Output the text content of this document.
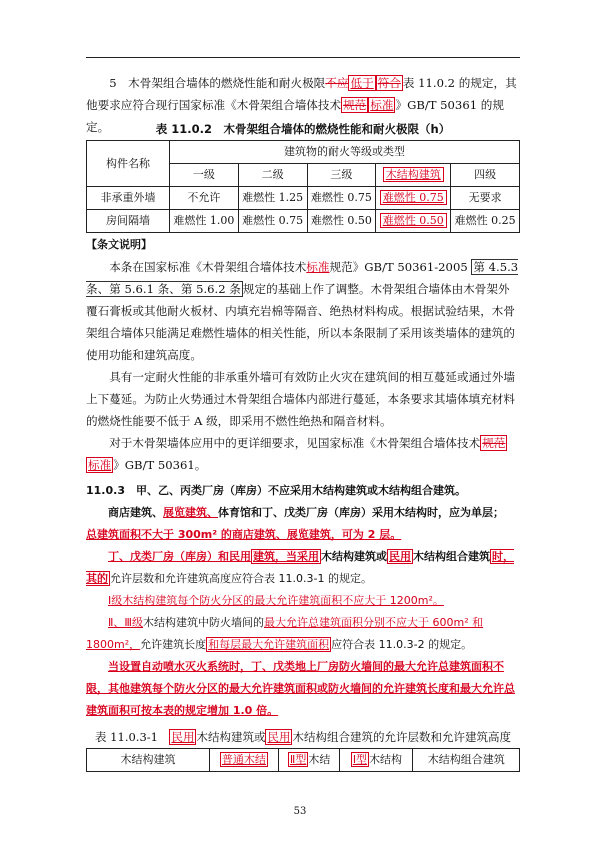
5　木骨架组合墙体的燃烧性能和耐火极限不应 低于 符合 表 11.0.2 的规定，其他要求应符合现行国家标准《木骨架组合墙体技术 规范 标准 》GB/T 50361 的规定。	表 11.0.2　木骨架组合墙体的燃烧性能和耐火极限（h）
构件名称	建筑物的耐火等级或类型				
	一级	二级	三级	木结构建筑	四级
非承重外墙	不允许	难燃性 1.25	难燃性 0.75	难燃性 0.75	无要求
房间隔墙	难燃性 1.00	难燃性 0.75	难燃性 0.50	难燃性 0.50	难燃性 0.25

【条文说明】

本条在国家标准《木骨架组合墙体技术标准规范》GB/T 50361-2005 第 4.5.3 条、第 5.6.1 条、第 5.6.2 条 规定的基础上作了调整。木骨架组合墙体由木骨架外覆石膏板或其他耐火板材、内填充岩棉等隔音、绝热材料构成。根据试验结果，木骨架组合墙体只能满足难燃性墙体的相关性能，所以本条限制了采用该类墙体的建筑的使用功能和建筑高度。

具有一定耐火性能的非承重外墙可有效防止火灾在建筑间的相互蔓延或通过外墙上下蔓延。为防止火势通过木骨架组合墙体内部进行蔓延，本条要求其墙体填充材料的燃烧性能要不低于 A 级，即采用不燃性绝热和隔音材料。

对于木骨架墙体应用中的更详细要求，见国家标准《木骨架组合墙体技术 规范标准 》GB/T 50361。

11.0.3　甲、乙、丙类厂房（库房）不应采用木结构建筑或木结构组合建筑。

商店建筑、展览建筑、体育馆和丁、戊类厂房（库房）采用木结构时，应为单层；

总建筑面积不大于 300m² 的商店建筑、展览建筑，可为 2 层。

丁、戊类厂房（库房）和民用 建筑，当采用 木结构建筑或 民用 木结构组合建筑 时，其的 允许层数和允许建筑高度应符合表 11.0.3-1 的规定。

Ⅰ级木结构建筑每个防火分区的最大允许建筑面积不应大于 1200m²。

Ⅱ、Ⅲ级木结构建筑中防火墙间的最大允许总建筑面积分别不应大于 600m² 和 1800m²，允许建筑长度 和每层最大允许建筑面积 应符合表 11.0.3-2 的规定。

当设置自动喷水灭火系统时，丁、戊类地上厂房防火墙间的最大允许总建筑面积不限，其他建筑每个防火分区的最大允许建筑面积或防火墙间的允许建筑长度和最大允许总建筑面积可按本表的规定增加 1.0 倍。

表 11.0.3-1　民用 木结构建筑或 民用 木结构组合建筑的允许层数和允许建筑高度
木结构建筑	普通木结	Ⅱ型 木结	Ⅰ型 木结构	木结构组合建筑
53
